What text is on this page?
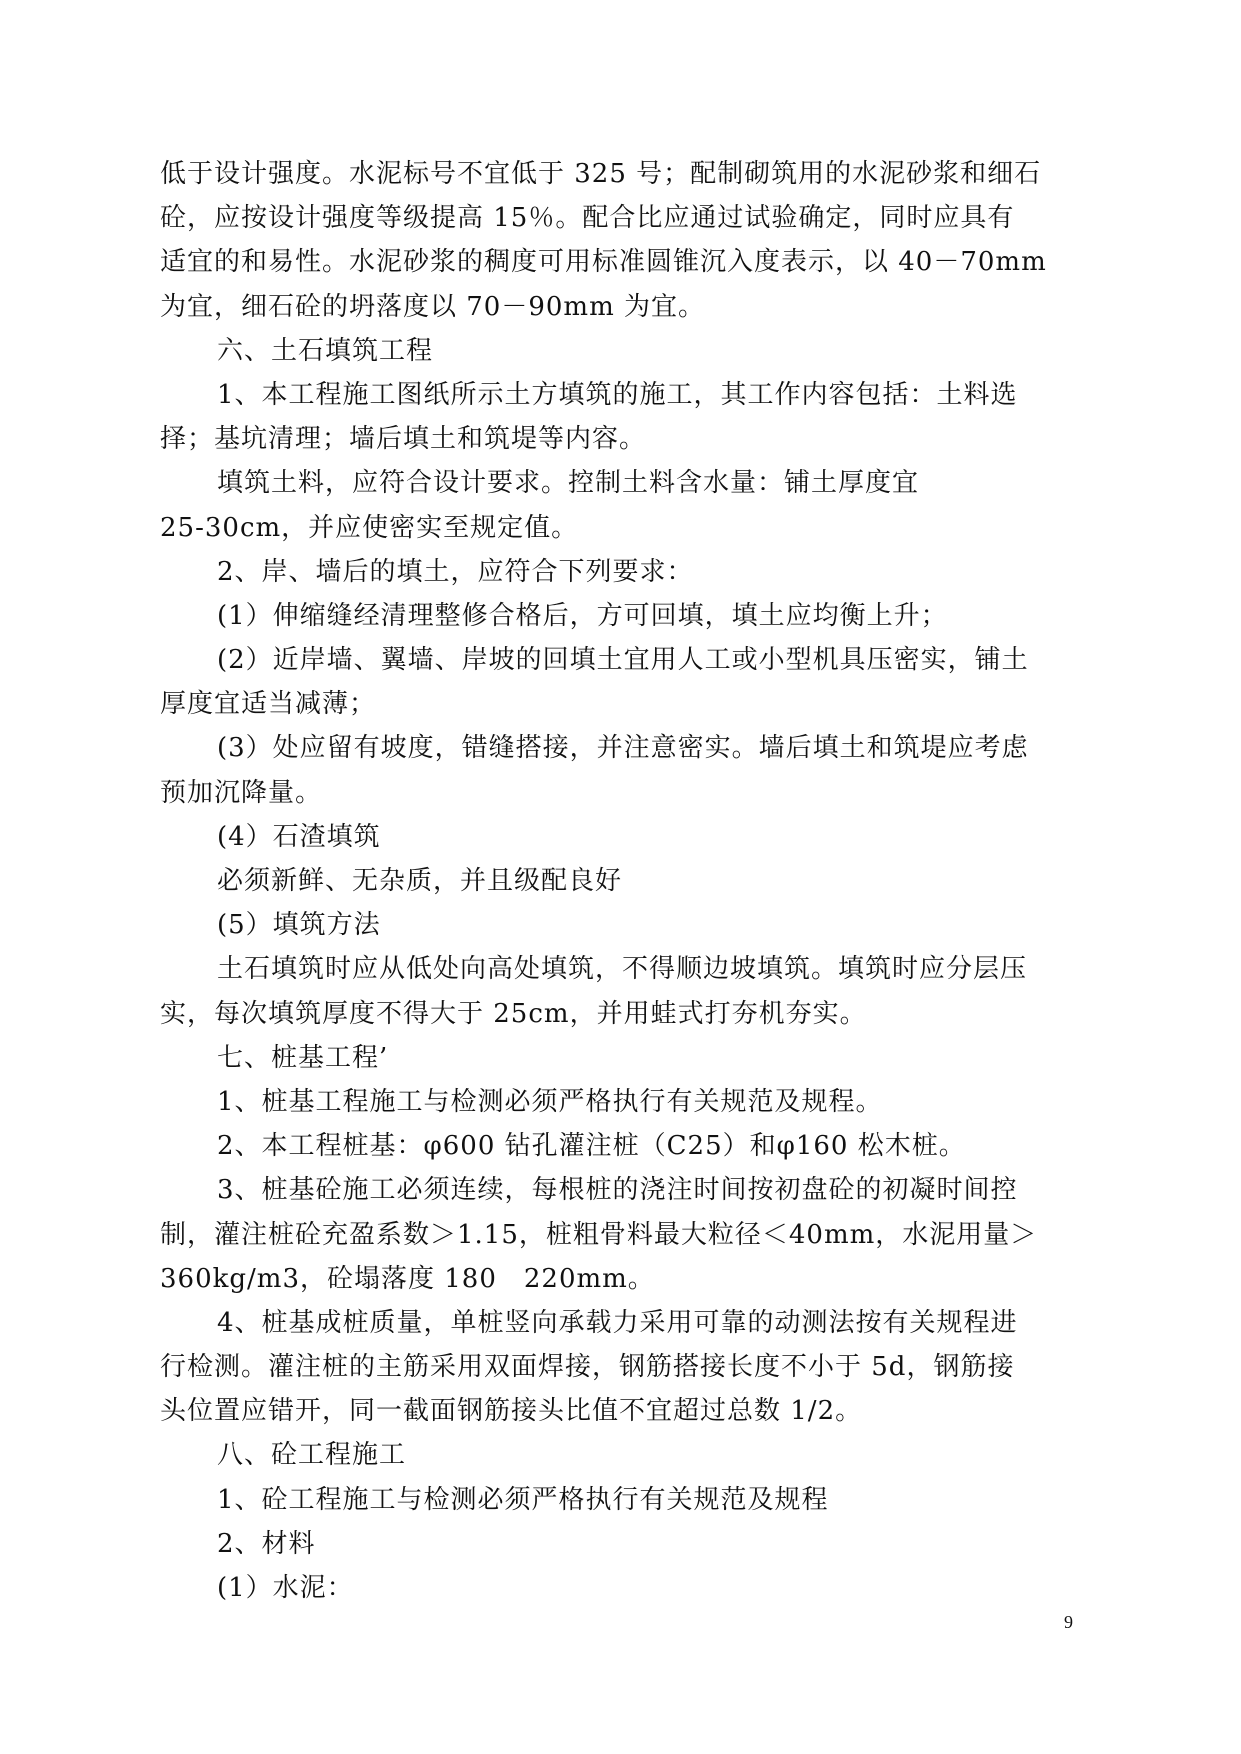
低于设计强度。水泥标号不宜低于 325 号；配制砌筑用的水泥砂浆和细石
砼，应按设计强度等级提高 15％。配合比应通过试验确定，同时应具有
适宜的和易性。水泥砂浆的稠度可用标准圆锥沉入度表示，以 40－70mm
为宜，细石砼的坍落度以 70－90mm 为宜。
六、土石填筑工程
1、本工程施工图纸所示土方填筑的施工，其工作内容包括：土料选
择；基坑清理；墙后填土和筑堤等内容。
填筑土料，应符合设计要求。控制土料含水量：铺土厚度宜
25-30cm，并应使密实至规定值。
2、岸、墙后的填土，应符合下列要求：
(1）伸缩缝经清理整修合格后，方可回填，填土应均衡上升；
(2）近岸墙、翼墙、岸坡的回填土宜用人工或小型机具压密实，铺土
厚度宜适当减薄；
(3）处应留有坡度，错缝搭接，并注意密实。墙后填土和筑堤应考虑
预加沉降量。
(4）石渣填筑
必须新鲜、无杂质，并且级配良好
(5）填筑方法
土石填筑时应从低处向高处填筑，不得顺边坡填筑。填筑时应分层压
实，每次填筑厚度不得大于 25cm，并用蛙式打夯机夯实。
七、桩基工程’
1、桩基工程施工与检测必须严格执行有关规范及规程。
2、本工程桩基：φ600 钻孔灌注桩（C25）和φ160 松木桩。
3、桩基砼施工必须连续，每根桩的浇注时间按初盘砼的初凝时间控
制，灌注桩砼充盈系数＞1.15，桩粗骨料最大粒径＜40mm，水泥用量＞
360kg/m3，砼塌落度 180　220mm。
4、桩基成桩质量，单桩竖向承载力采用可靠的动测法按有关规程进
行检测。灌注桩的主筋采用双面焊接，钢筋搭接长度不小于 5d，钢筋接
头位置应错开，同一截面钢筋接头比值不宜超过总数 1/2。
八、砼工程施工
1、砼工程施工与检测必须严格执行有关规范及规程
2、材料
(1）水泥：
9
